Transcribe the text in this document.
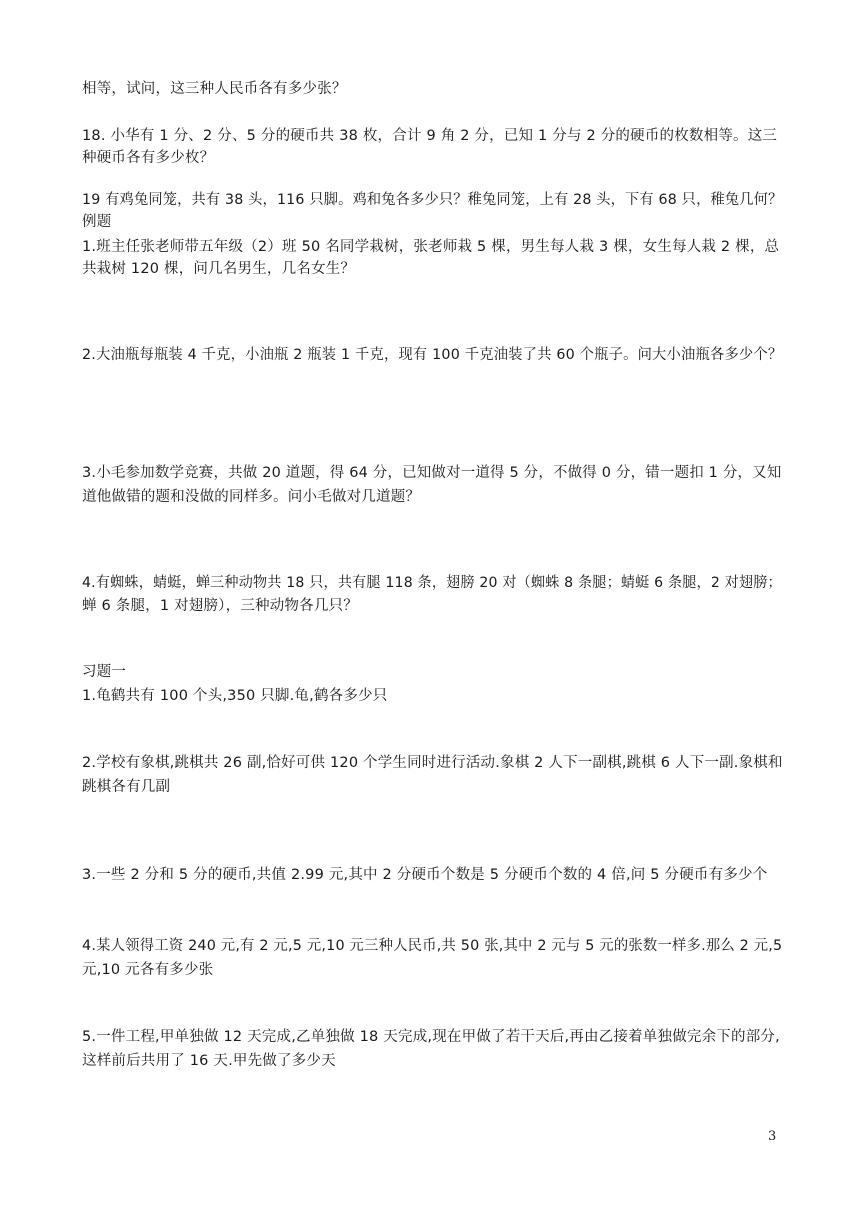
相等，试问，这三种人民币各有多少张？
18. 小华有 1 分、2 分、5 分的硬币共 38 枚，合计 9 角 2 分，已知 1 分与 2 分的硬币的枚数相等。这三
种硬币各有多少枚？
19 有鸡兔同笼，共有 38 头，116 只脚。鸡和兔各多少只？稚兔同笼，上有 28 头，下有 68 只，稚兔几何？
例题
1.班主任张老师带五年级（2）班 50 名同学栽树，张老师栽 5 棵，男生每人栽 3 棵，女生每人栽 2 棵，总
共栽树 120 棵，问几名男生，几名女生？
2.大油瓶每瓶装 4 千克，小油瓶 2 瓶装 1 千克，现有 100 千克油装了共 60 个瓶子。问大小油瓶各多少个？
3.小毛参加数学竞赛，共做 20 道题，得 64 分，已知做对一道得 5 分，不做得 0 分，错一题扣 1 分，又知
道他做错的题和没做的同样多。问小毛做对几道题？
4.有蜘蛛，蜻蜓，蝉三种动物共 18 只，共有腿 118 条，翅膀 20 对（蜘蛛 8 条腿；蜻蜓 6 条腿，2 对翅膀；
蝉 6 条腿，1 对翅膀），三种动物各几只？
习题一
1.龟鹤共有 100 个头,350 只脚.龟,鹤各多少只
2.学校有象棋,跳棋共 26 副,恰好可供 120 个学生同时进行活动.象棋 2 人下一副棋,跳棋 6 人下一副.象棋和
跳棋各有几副
3.一些 2 分和 5 分的硬币,共值 2.99 元,其中 2 分硬币个数是 5 分硬币个数的 4 倍,问 5 分硬币有多少个
4.某人领得工资 240 元,有 2 元,5 元,10 元三种人民币,共 50 张,其中 2 元与 5 元的张数一样多.那么 2 元,5
元,10 元各有多少张
5.一件工程,甲单独做 12 天完成,乙单独做 18 天完成,现在甲做了若干天后,再由乙接着单独做完余下的部分,
这样前后共用了 16 天.甲先做了多少天
3
